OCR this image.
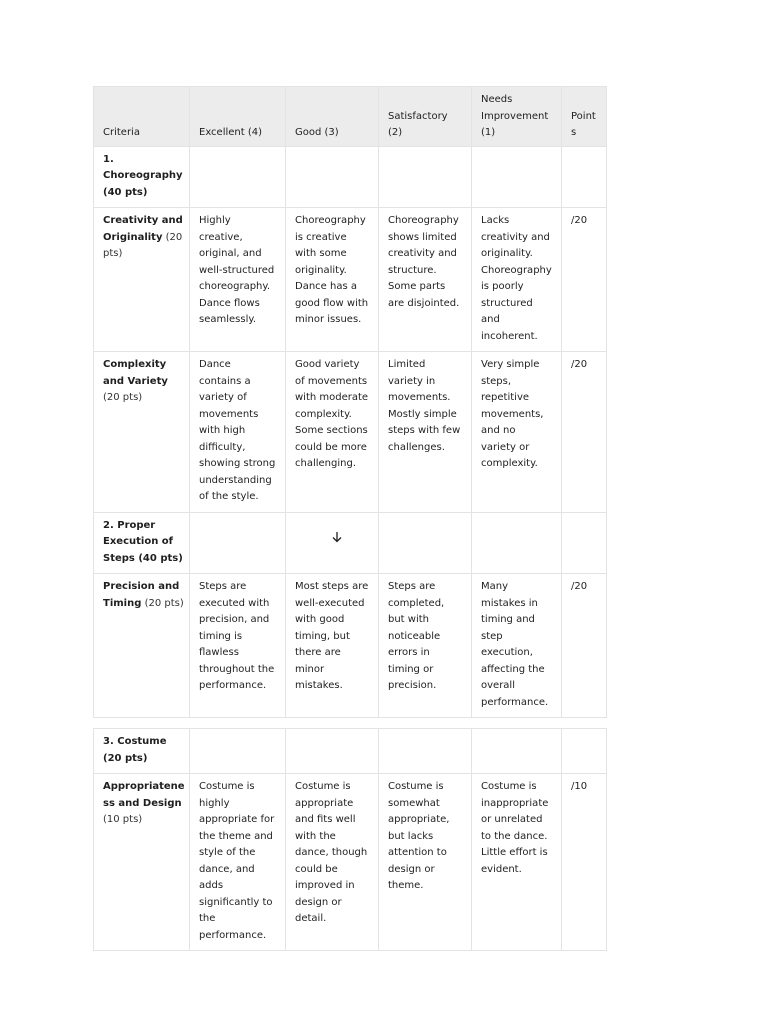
Criteria	Excellent (4)	Good (3)	Satisfactory (2)	Needs Improvement (1)	Points
1. Choreography (40 pts)					
Creativity and Originality (20 pts)	Highly creative, original, and well-structured choreography. Dance flows seamlessly.	Choreography is creative with some originality. Dance has a good flow with minor issues.	Choreography shows limited creativity and structure. Some parts are disjointed.	Lacks creativity and originality. Choreography is poorly structured and incoherent.	/20
Complexity and Variety (20 pts)	Dance contains a variety of movements with high difficulty, showing strong understanding of the style.	Good variety of movements with moderate complexity. Some sections could be more challenging.	Limited variety in movements. Mostly simple steps with few challenges.	Very simple steps, repetitive movements, and no variety or complexity.	/20
2. Proper Execution of Steps (40 pts)					
Precision and Timing (20 pts)	Steps are executed with precision, and timing is flawless throughout the performance.	Most steps are well-executed with good timing, but there are minor mistakes.	Steps are completed, but with noticeable errors in timing or precision.	Many mistakes in timing and step execution, affecting the overall performance.	/20

3. Costume (20 pts)					
Appropriateness and Design (10 pts)	Costume is highly appropriate for the theme and style of the dance, and adds significantly to the performance.	Costume is appropriate and fits well with the dance, though could be improved in design or detail.	Costume is somewhat appropriate, but lacks attention to design or theme.	Costume is inappropriate or unrelated to the dance. Little effort is evident.	/10
